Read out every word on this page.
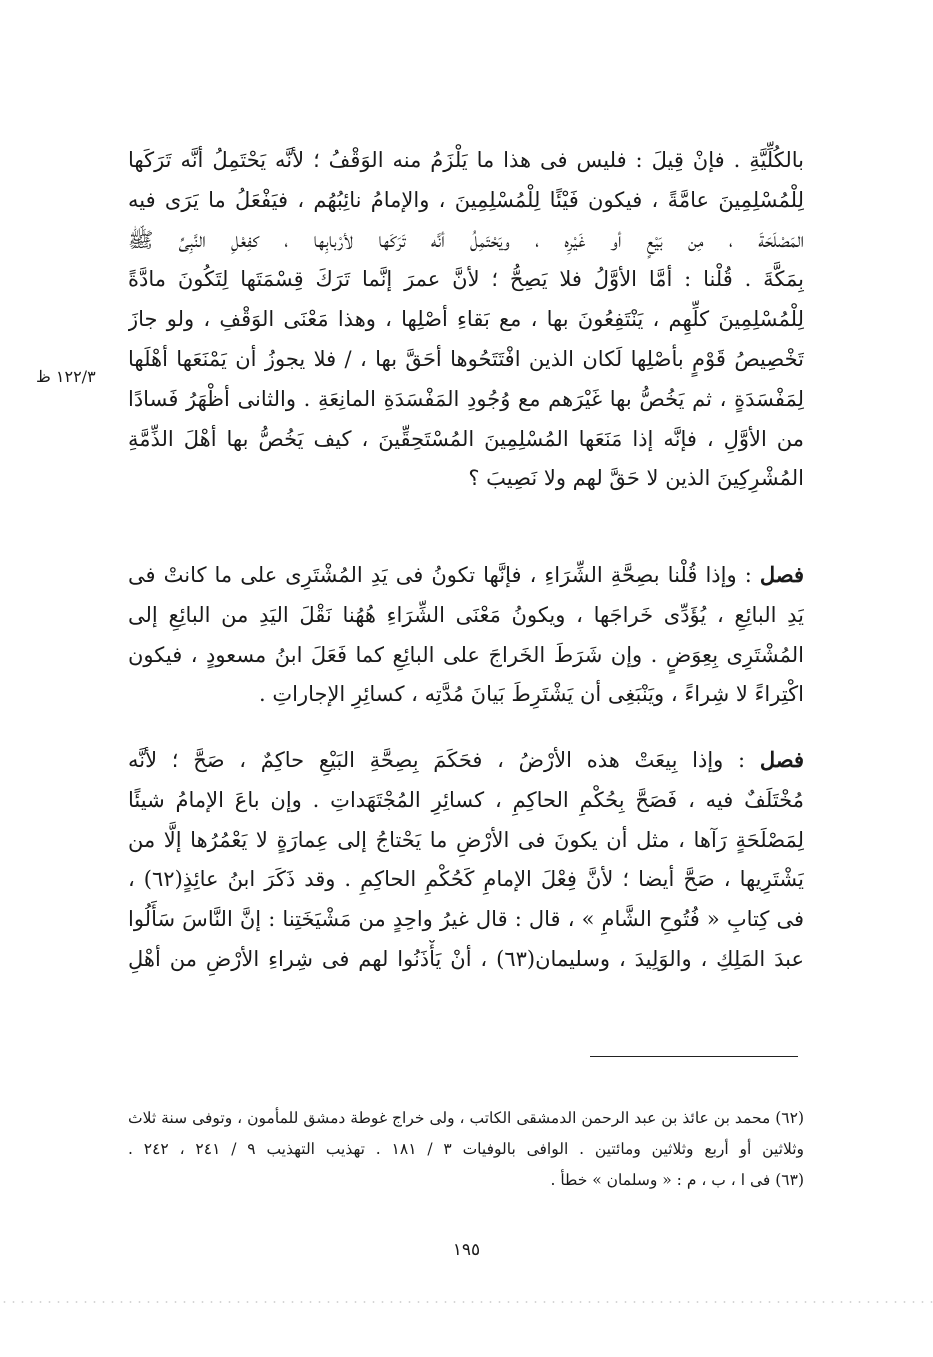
بالكُلِّيَّةِ . فإنْ قِيلَ : فليس فى هذا ما يَلْزَمُ منه الوَقْفُ ؛ لأنَّه يَحْتَمِلُ أنَّه تَرَكَها
لِلْمُسْلِمِينَ عامَّةً ، فيكون فَيْئًا لِلْمُسْلِمِينَ ، والإمامُ نائِبُهُم ، فيَفْعَلُ ما يَرَى فيه
المَصْلَحَةَ ، مِن بَيْعٍ أو غَيْرِه ، ويَحْتَمِلُ أنَّه تَرَكَها لأرْبابِها ، كفِعْلِ النَّبِىِّ ﷺ
بِمَكَّةَ . قُلْنا : أمَّا الأوَّلُ فلا يَصِحُّ ؛ لأنَّ عمرَ إنَّما تَرَكَ قِسْمَتَها لِتَكُونَ مادَّةً
لِلْمُسْلِمِينَ كلِّهِم ، يَنْتَفِعُونَ بها ، مع بَقاءِ أصْلِها ، وهذا مَعْنَى الوَقْفِ ، ولو جازَ
تَخْصِيصُ قَوْمٍ بأصْلِها لَكان الذين افْتَتَحُوها أحَقَّ بها ، / فلا يجوزُ أن يَمْنَعَها أهْلَها
لِمَفْسَدَةٍ ، ثم يَخُصُّ بها غَيْرَهم مع وُجُودِ المَفْسَدَةِ المانِعَةِ . والثانى أظْهَرُ فَسادًا
من الأوَّلِ ، فإنَّه إذا مَنَعَها المُسْلِمِينَ المُسْتَحِقِّينَ ، كيف يَخُصُّ بها أهْلَ الذِّمَّةِ
المُشْرِكِينَ الذين لا حَقَّ لهم ولا نَصِيبَ ؟

١٢٢/٣ ظ

فصل : وإذا قُلْنا بصِحَّةِ الشِّرَاءِ ، فإنَّها تكونُ فى يَدِ المُشْتَرِى على ما كانتْ فى
يَدِ البائِعِ ، يُؤَدِّى خَراجَها ، ويكونُ مَعْنَى الشِّرَاءِ هُهُنا نَقْلَ اليَدِ من البائِعِ إلى
المُشْتَرِى بِعِوَضٍ . وإن شَرَطَ الخَراجَ على البائِعِ كما فَعَلَ ابنُ مسعودٍ ، فيكون
اكْتِراءً لا شِراءً ، ويَنْبَغِى أن يَشْتَرِطَ بَيانَ مُدَّتِه ، كسائِرِ الإجاراتِ .

فصل : وإذا بِيعَتْ هذه الأرْضُ ، فحَكَمَ بِصِحَّةِ البَيْعِ حاكِمٌ ، صَحَّ ؛ لأنَّه
مُخْتَلَفٌ فيه ، فَصَحَّ بِحُكْمِ الحاكِمِ ، كسائِرِ المُجْتَهَداتِ . وإن باعَ الإمامُ شيئًا
لِمَصْلَحَةٍ رَآها ، مثل أن يكونَ فى الأرْضِ ما يَحْتاجُ إلى عِمارَةٍ لا يَعْمُرُها إلَّا من
يَشْتَرِيها ، صَحَّ أيضا ؛ لأنَّ فِعْلَ الإمامِ كَحُكْمِ الحاكِمِ . وقد ذَكَرَ ابنُ عائِذٍ(٦٢) ،
فى كِتابِ « فُتُوحِ الشَّامِ » ، قال : قال غيرُ واحِدٍ من مَشْيَخَتِنا : إنَّ النَّاسَ سَأَلُوا
عبدَ المَلِكِ ، والوَلِيدَ ، وسليمان(٦٣) ، أنْ يَأْذَنُوا لهم فى شِراءِ الأرْضِ من أهْلِ

(٦٢) محمد بن عائذ بن عبد الرحمن الدمشقى الكاتب ، ولى خراج غوطة دمشق للمأمون ، وتوفى سنة ثلاث
وثلاثين أو أربع وثلاثين ومائتين . الوافى بالوفيات ٣ / ١٨١ . تهذيب التهذيب ٩ / ٢٤١ ، ٢٤٢ .
(٦٣) فى ا ، ب ، م : « وسلمان » خطأ .
١٩٥
